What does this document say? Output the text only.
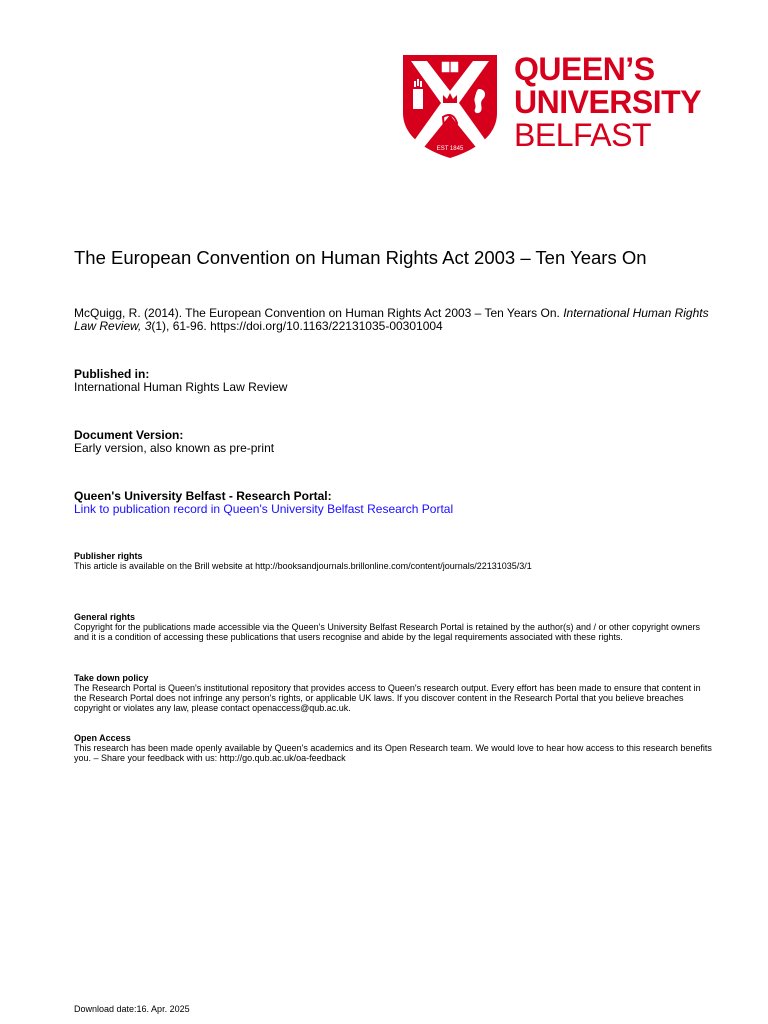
EST 1845
QUEEN’S
UNIVERSITY
BELFAST
The European Convention on Human Rights Act 2003 – Ten Years On
McQuigg, R. (2014). The European Convention on Human Rights Act 2003 – Ten Years On. International Human Rights Law Review, 3(1), 61-96. https://doi.org/10.1163/22131035-00301004
Published in:
International Human Rights Law Review
Document Version:
Early version, also known as pre-print
Queen's University Belfast - Research Portal:
Link to publication record in Queen's University Belfast Research Portal
Publisher rights
This article is available on the Brill website at http://booksandjournals.brillonline.com/content/journals/22131035/3/1
General rights
Copyright for the publications made accessible via the Queen's University Belfast Research Portal is retained by the author(s) and / or other copyright owners and it is a condition of accessing these publications that users recognise and abide by the legal requirements associated with these rights.
Take down policy
The Research Portal is Queen's institutional repository that provides access to Queen's research output. Every effort has been made to ensure that content in the Research Portal does not infringe any person's rights, or applicable UK laws. If you discover content in the Research Portal that you believe breaches copyright or violates any law, please contact openaccess@qub.ac.uk.
Open Access
This research has been made openly available by Queen's academics and its Open Research team. We would love to hear how access to this research benefits you. – Share your feedback with us: http://go.qub.ac.uk/oa-feedback
Download date:16. Apr. 2025
